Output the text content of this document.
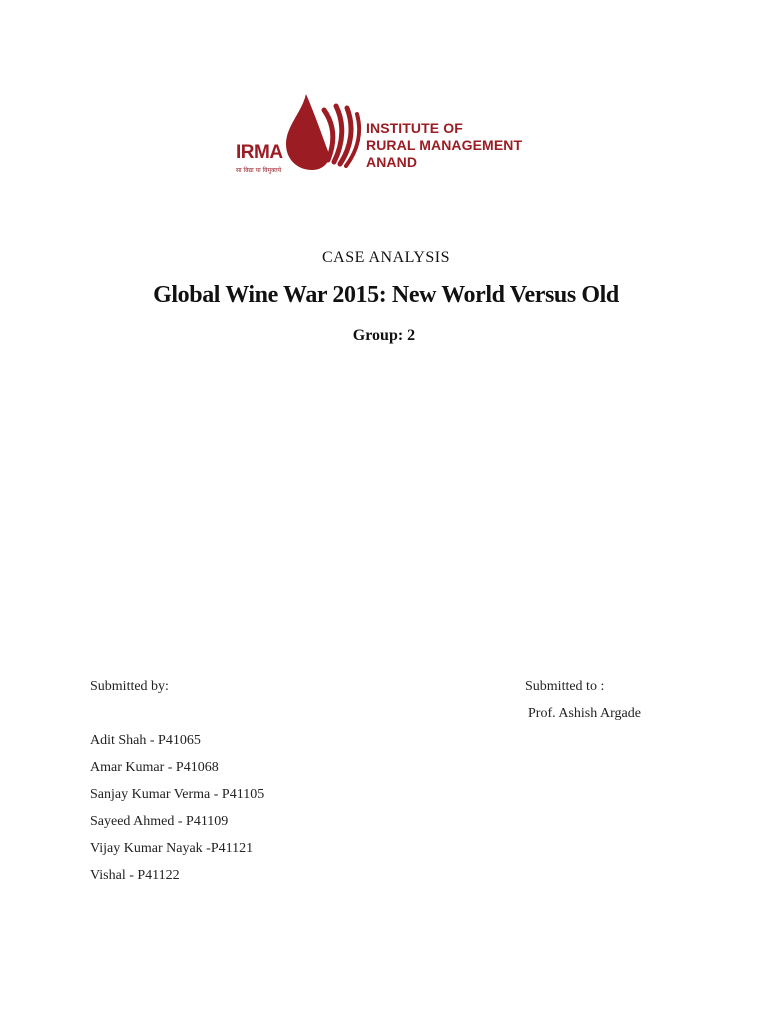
IRMA
सा विद्या या विमुक्तये
INSTITUTE OF
RURAL MANAGEMENT
ANAND
CASE ANALYSIS
Global Wine War 2015: New World Versus Old
Group: 2
Submitted by:
Adit Shah - P41065
Amar Kumar - P41068
Sanjay Kumar Verma - P41105
Sayeed Ahmed - P41109
Vijay Kumar Nayak -P41121
Vishal - P41122
Submitted to :
Prof. Ashish Argade
